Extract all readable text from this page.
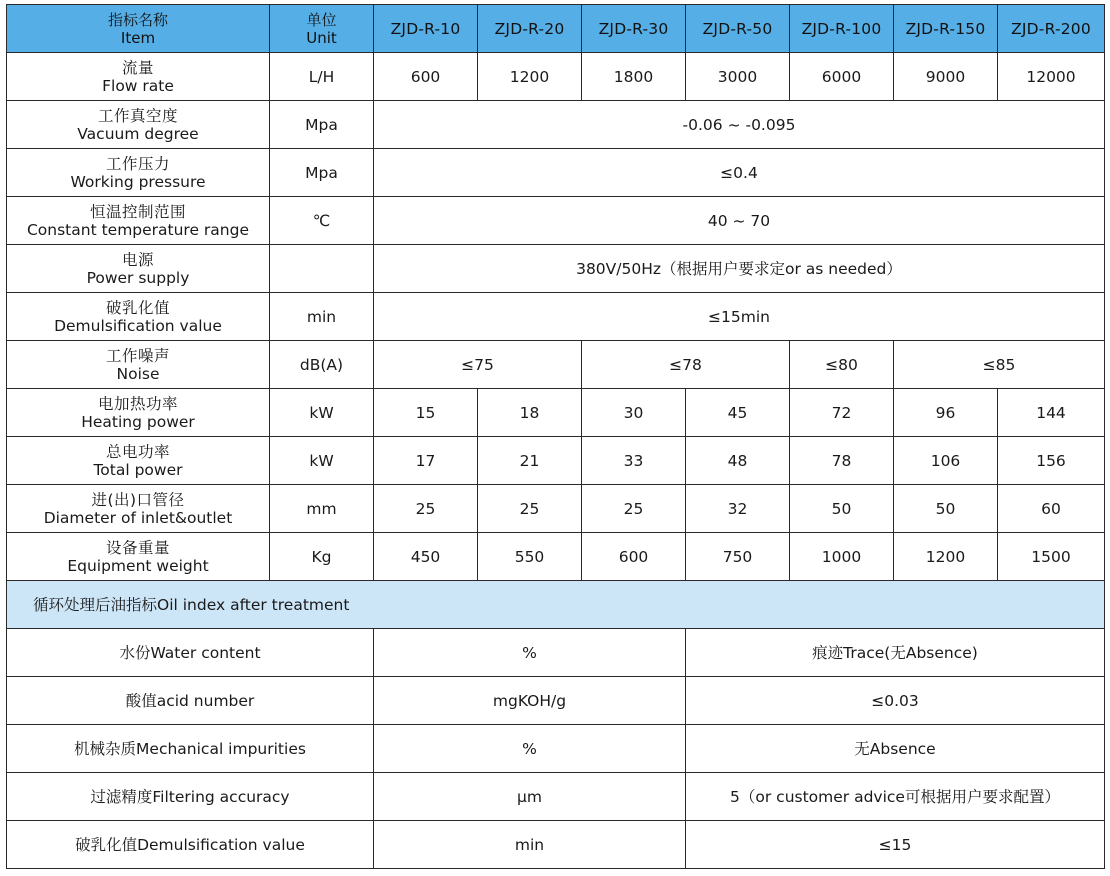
指标名称
Item	单位
Unit	ZJD-R-10	ZJD-R-20	ZJD-R-30	ZJD-R-50	ZJD-R-100	ZJD-R-150	ZJD-R-200

流量
Flow rate	L/H	600	1200	1800	3000	6000	9000	12000

工作真空度
Vacuum degree	Mpa	-0.06 ~ -0.095						

工作压力
Working pressure	Mpa	≤0.4						

恒温控制范围
Constant temperature range	℃	40 ~ 70						

电源
Power supply		380V/50Hz（根据用户要求定or as needed）						

破乳化值
Demulsification value	min	≤15min						

工作噪声
Noise	dB(A)	≤75		≤78		≤80	≤85	

电加热功率
Heating power	kW	15	18	30	45	72	96	144

总电功率
Total power	kW	17	21	33	48	78	106	156

进(出)口管径
Diameter of inlet&outlet	mm	25	25	25	32	50	50	60

设备重量
Equipment weight	Kg	450	550	600	750	1000	1200	1500
循环处理后油指标Oil index after treatment								
水份Water content		%			痕迹Trace(无Absence)			
酸值acid number		mgKOH/g			≤0.03			
机械杂质Mechanical impurities		%			无Absence			
过滤精度Filtering accuracy		μm			5（or customer advice可根据用户要求配置）			
破乳化值Demulsification value		min			≤15			
